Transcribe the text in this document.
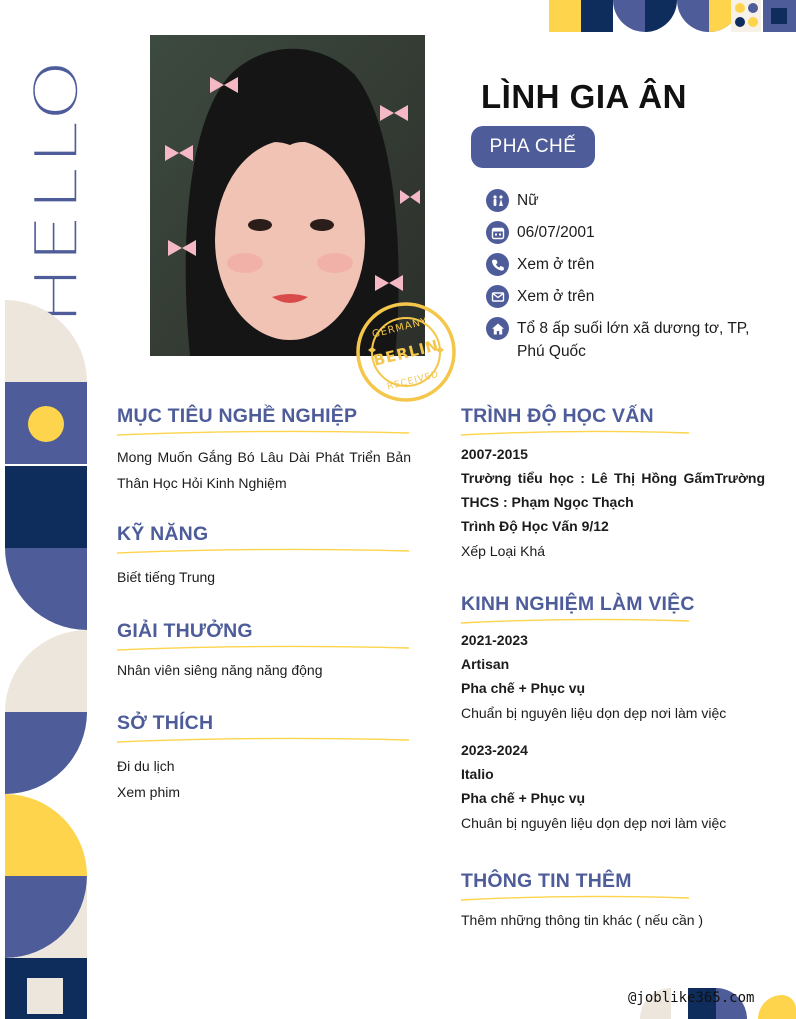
HELLO
GERMANY
BERLIN
RECEIVED
LÌNH GIA ÂN
PHA CHẾ
Nữ
06/07/2001
Xem ở trên
Xem ở trên
Tổ 8 ấp suối lớn xã dương tơ, TP, Phú Quốc
MỤC TIÊU NGHỀ NGHIỆP
Mong Muốn Gắng Bó Lâu Dài Phát Triển Bản Thân Học Hỏi Kinh Nghiệm
KỸ NĂNG
Biết tiếng Trung
GIẢI THƯỞNG
Nhân viên siêng năng năng động
SỞ THÍCH
Đi du lịch
Xem phim
TRÌNH ĐỘ HỌC VẤN
2007-2015
Trường tiểu học : Lê Thị Hồng GấmTrường THCS : Phạm Ngọc Thạch
Trình Độ Học Vấn 9/12
Xếp Loại Khá
KINH NGHIỆM LÀM VIỆC
2021-2023
Artisan
Pha chế + Phục vụ
Chuẩn bị nguyên liệu dọn dẹp nơi làm việc
2023-2024
Italio
Pha chế + Phục vụ
Chuân bị nguyên liệu dọn dẹp nơi làm việc
THÔNG TIN THÊM
Thêm những thông tin khác ( nếu cần )
@joblike365.com
